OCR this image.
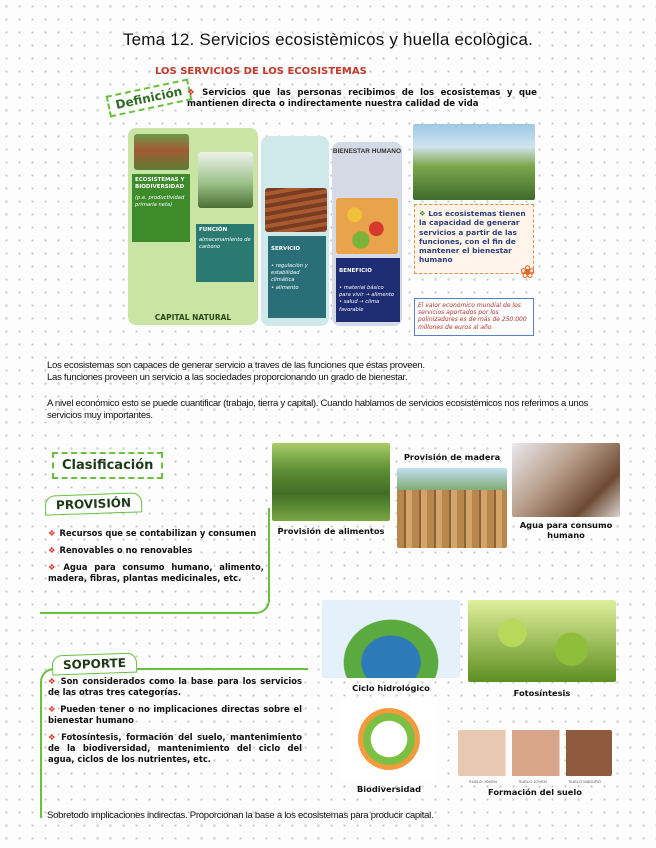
Tema 12. Servicios ecosistèmicos y huella ecològica.
LOS SERVICIOS DE LOS ECOSISTEMAS
Definición ❖ Servicios que las personas recibimos de los ecosistemas y que mantienen directa o indirectamente nuestra calidad de vida
CAPITAL NATURAL
ECOSISTEMAS Y BIODIVERSIDAD
(p.e. productividad primaria neta)
FUNCIÓN
almacenamiento de carbono	SERVICIO

• regulación y estabilidad climática
• alimento

BIENESTAR HUMANO

BENEFICIO

• material básico para vivir → alimento
• salud → clima favorable

❖ Los ecosistemas tienen la capacidad de generar servicios a partir de las funciones, con el fin de mantener el bienestar humano
❀
El valor económico mundial de los servicios aportados por los polinizadores es de más de 250.000 millones de euros al año
Los ecosistemas son capaces de generar servicio a traves de las funciones que éstas proveen.
Las funciones proveen un servicio a las sociedades proporcionando un grado de bienestar.
A nivel económico esto se puede cuantificar (trabajo, tierra y capital). Cuando hablamos de servicios ecosistémicos nos referimos a unos servicios muy importantes.
Clasificación
PROVISIÓN
❖ Recursos que se contabilizan y consumen
❖ Renovables o no renovables
❖ Agua para consumo humano, alimento, madera, fibras, plantas medicinales, etc.
Provisión de alimentos
Provisión de madera
Agua para consumo humano
SOPORTE
❖ Son considerados como la base para los servicios de las otras tres categorías.
❖ Pueden tener o no implicaciones directas sobre el bienestar humano
❖ Fotosíntesis, formación del suelo, mantenimiento de la biodiversidad, mantenimiento del ciclo del agua, ciclos de los nutrientes, etc.
Ciclo hidrológico	Fotosíntesis
Biodiversidad
SUELO JOVEN	SUELO JOVEN	SUELO MADURO
Formación del suelo
Sobretodo implicaciones indirectas. Proporcionan la base a los ecosistemas para producir capital.
